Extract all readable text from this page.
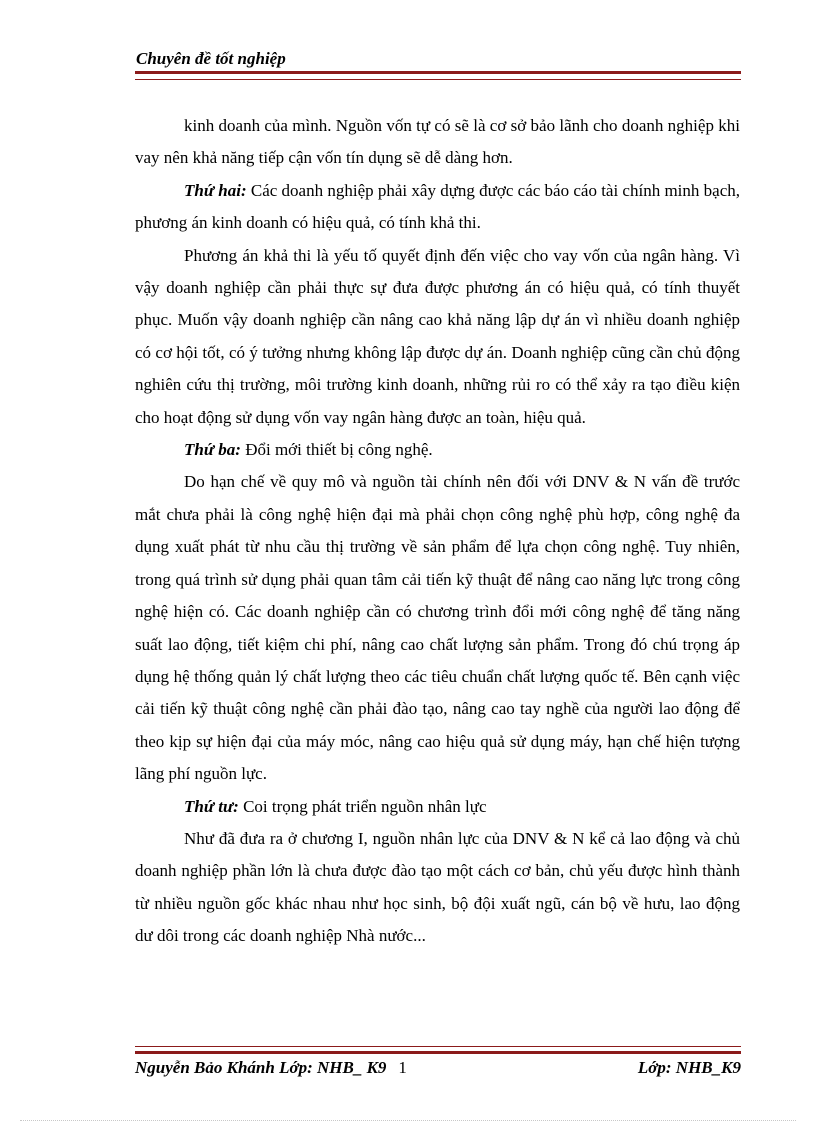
Chuyên đề tốt nghiệp

kinh doanh của mình. Nguồn vốn tự có sẽ là cơ sở bảo lãnh cho doanh nghiệp khi vay nên khả năng tiếp cận vốn tín dụng sẽ dễ dàng hơn.

Thứ hai: Các doanh nghiệp phải xây dựng được các báo cáo tài chính minh bạch, phương án kinh doanh có hiệu quả, có tính khả thi.

Phương án khả thi là yếu tố quyết định đến việc cho vay vốn của ngân hàng. Vì vậy doanh nghiệp cần phải thực sự đưa được phương án có hiệu quả, có tính thuyết phục. Muốn vậy doanh nghiệp cần nâng cao khả năng lập dự án vì nhiều doanh nghiệp có cơ hội tốt, có ý tưởng nhưng không lập được dự án. Doanh nghiệp cũng cần chủ động nghiên cứu thị trường, môi trường kinh doanh, những rủi ro có thể xảy ra tạo điều kiện cho hoạt động sử dụng vốn vay ngân hàng được an toàn, hiệu quả.

Thứ ba: Đổi mới thiết bị công nghệ.

Do hạn chế về quy mô và nguồn tài chính nên đối với DNV & N vấn đề trước mắt chưa phải là công nghệ hiện đại mà phải chọn công nghệ phù hợp, công nghệ đa dụng xuất phát từ nhu cầu thị trường về sản phẩm để lựa chọn công nghệ. Tuy nhiên, trong quá trình sử dụng phải quan tâm cải tiến kỹ thuật để nâng cao năng lực trong công nghệ hiện có. Các doanh nghiệp cần có chương trình đổi mới công nghệ để tăng năng suất lao động, tiết kiệm chi phí, nâng cao chất lượng sản phẩm. Trong đó chú trọng áp dụng hệ thống quản lý chất lượng theo các tiêu chuẩn chất lượng quốc tế. Bên cạnh việc cải tiến kỹ thuật công nghệ cần phải đào tạo, nâng cao tay nghề của người lao động để theo kịp sự hiện đại của máy móc, nâng cao hiệu quả sử dụng máy, hạn chế hiện tượng lãng phí nguồn lực.

Thứ tư: Coi trọng phát triển nguồn nhân lực

Như đã đưa ra ở chương I, nguồn nhân lực của DNV & N kể cả lao động và chủ doanh nghiệp phần lớn là chưa được đào tạo một cách cơ bản, chủ yếu được hình thành từ nhiều nguồn gốc khác nhau như học sinh, bộ đội xuất ngũ, cán bộ về hưu, lao động dư dôi trong các doanh nghiệp Nhà nước...

Nguyễn Bảo Khánh Lớp: NHB_ K9 1	Lớp: NHB_K9
